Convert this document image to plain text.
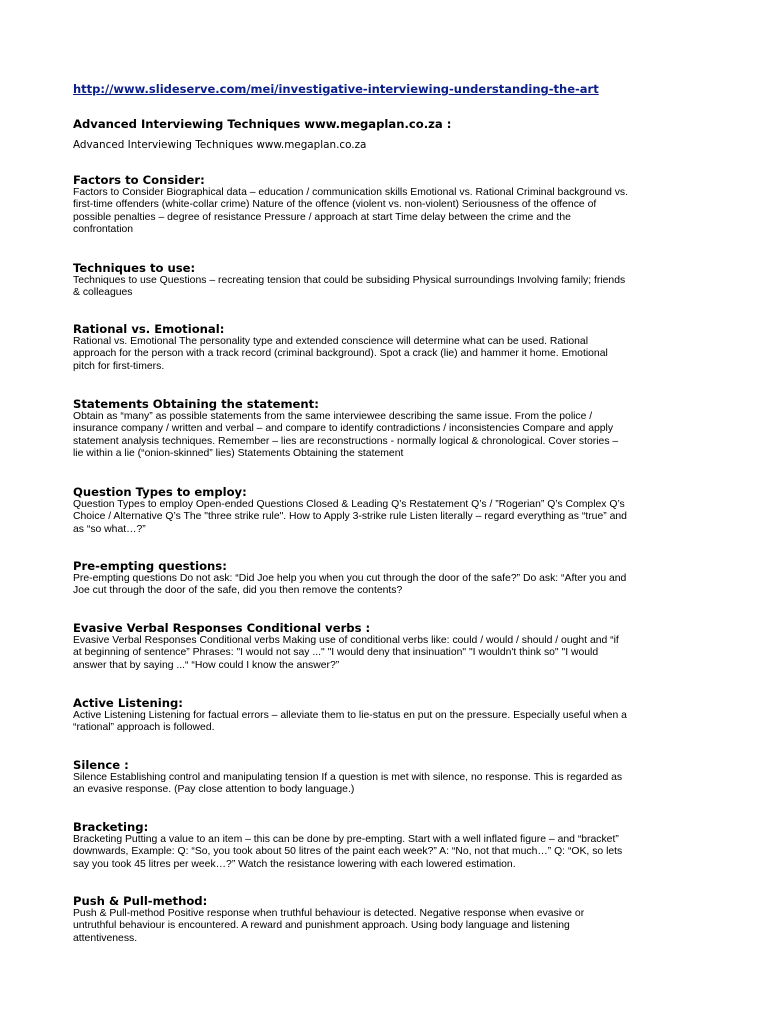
http://www.slideserve.com/mei/investigative-interviewing-understanding-the-art

Advanced Interviewing Techniques www.megaplan.co.za :

Advanced Interviewing Techniques www.megaplan.co.za

Factors to Consider:

Factors to Consider Biographical data – education / communication skills Emotional vs. Rational Criminal background vs.

first-time offenders (white-collar crime) Nature of the offence (violent vs. non-violent) Seriousness of the offence of

possible penalties – degree of resistance Pressure / approach at start Time delay between the crime and the

confrontation

Techniques to use:

Techniques to use Questions – recreating tension that could be subsiding Physical surroundings Involving family; friends

& colleagues

Rational vs. Emotional:

Rational vs. Emotional The personality type and extended conscience will determine what can be used. Rational

approach for the person with a track record (criminal background). Spot a crack (lie) and hammer it home. Emotional

pitch for first-timers.

Statements Obtaining the statement:

Obtain as “many” as possible statements from the same interviewee describing the same issue. From the police /

insurance company / written and verbal – and compare to identify contradictions / inconsistencies Compare and apply

statement analysis techniques. Remember – lies are reconstructions - normally logical & chronological. Cover stories –

lie within a lie (“onion-skinned” lies) Statements Obtaining the statement

Question Types to employ:

Question Types to employ Open-ended Questions Closed & Leading Q’s Restatement Q’s / ”Rogerian” Q’s Complex Q’s

Choice / Alternative Q’s The "three strike rule". How to Apply 3-strike rule Listen literally – regard everything as “true” and

as “so what…?”

Pre-empting questions:

Pre-empting questions Do not ask: “Did Joe help you when you cut through the door of the safe?” Do ask: “After you and

Joe cut through the door of the safe, did you then remove the contents?

Evasive Verbal Responses Conditional verbs :

Evasive Verbal Responses Conditional verbs Making use of conditional verbs like: could / would / should / ought and “if

at beginning of sentence” Phrases: "I would not say ..." "I would deny that insinuation" "I wouldn't think so" "I would

answer that by saying ...“ “How could I know the answer?”

Active Listening:

Active Listening Listening for factual errors – alleviate them to lie-status en put on the pressure. Especially useful when a

“rational” approach is followed.

Silence :

Silence Establishing control and manipulating tension If a question is met with silence, no response. This is regarded as

an evasive response. (Pay close attention to body language.)

Bracketing:

Bracketing Putting a value to an item – this can be done by pre-empting. Start with a well inflated figure – and “bracket”

downwards, Example: Q: “So, you took about 50 litres of the paint each week?” A: “No, not that much…” Q: “OK, so lets

say you took 45 litres per week…?” Watch the resistance lowering with each lowered estimation.

Push & Pull-method:

Push & Pull-method Positive response when truthful behaviour is detected. Negative response when evasive or

untruthful behaviour is encountered. A reward and punishment approach. Using body language and listening

attentiveness.
